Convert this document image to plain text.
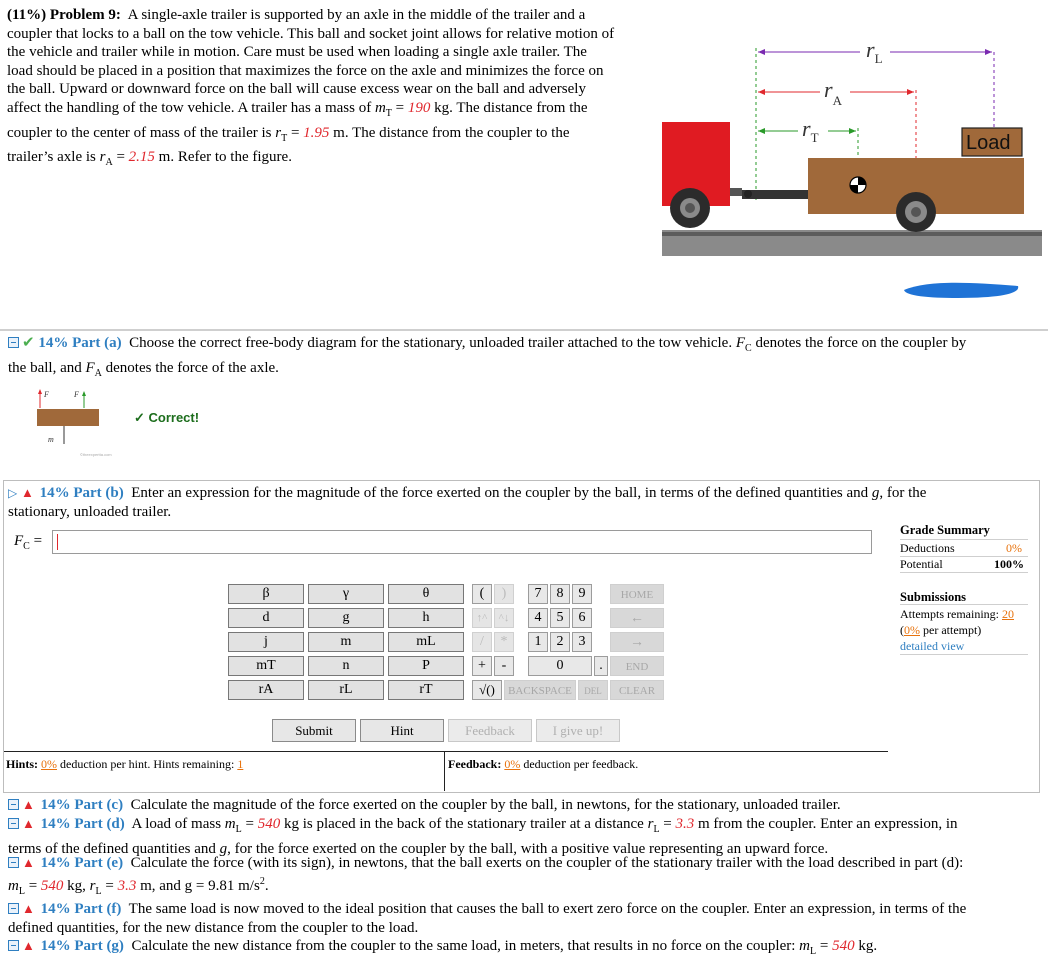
(11%) Problem 9: A single-axle trailer is supported by an axle in the middle of the trailer and a
coupler that locks to a ball on the tow vehicle. This ball and socket joint allows for relative motion of
the vehicle and trailer while in motion. Care must be used when loading a single axle trailer. The
load should be placed in a position that maximizes the force on the axle and minimizes the force on
the ball. Upward or downward force on the ball will cause excess wear on the ball and adversely
affect the handling of the tow vehicle. A trailer has a mass of $m_T = 190$ kg. The distance from the
coupler to the center of mass of the trailer is $r_T = 1.95$ m. The distance from the coupler to the
trailer’s axle is $r_A = 2.15$ m. Refer to the figure.
$r_L$
$r_A$
$r_T$	Load
✔ 14% Part (a) Choose the correct free-body diagram for the stationary, unloaded trailer attached to the tow vehicle. $F_C$ denotes the force on the coupler by
the ball, and $F_A$ denotes the force of the axle.
F	F
m
©theexpertta.com
✓ Correct!
▷ ▲ 14% Part (b) Enter an expression for the magnitude of the force exerted on the coupler by the ball, in terms of the defined quantities and g, for the
stationary, unloaded trailer.
$F_C$ =
β	γ	θ
d	g	h
j	m	mL
mT	n	P
rA	rL	rT
(	)	7	8	9	HOME
↑^	^↓	4	5	6	←
/	*	1	2	3	→
+	-	0	.	END
√()	BACKSPACE	DEL	CLEAR
Submit	Hint	Feedback	I give up!
Hints: 0% deduction per hint. Hints remaining: 1	Feedback: 0% deduction per feedback.
Grade Summary
Deductions	0%
Potential	100%
Submissions
Attempts remaining: 20
(0% per attempt)
detailed view
▲ 14% Part (c) Calculate the magnitude of the force exerted on the coupler by the ball, in newtons, for the stationary, unloaded trailer.
▲ 14% Part (d) A load of mass $m_L = 540$ kg is placed in the back of the stationary trailer at a distance $r_L = 3.3$ m from the coupler. Enter an expression, in
terms of the defined quantities and g, for the force exerted on the coupler by the ball, with a positive value representing an upward force.
▲ 14% Part (e) Calculate the force (with its sign), in newtons, that the ball exerts on the coupler of the stationary trailer with the load described in part (d):
$m_L = 540$ kg, $r_L = 3.3$ m, and g = 9.81 $m/s^2$.
▲ 14% Part (f) The same load is now moved to the ideal position that causes the ball to exert zero force on the coupler. Enter an expression, in terms of the
defined quantities, for the new distance from the coupler to the load.
▲ 14% Part (g) Calculate the new distance from the coupler to the same load, in meters, that results in no force on the coupler: $m_L = 540$ kg.
